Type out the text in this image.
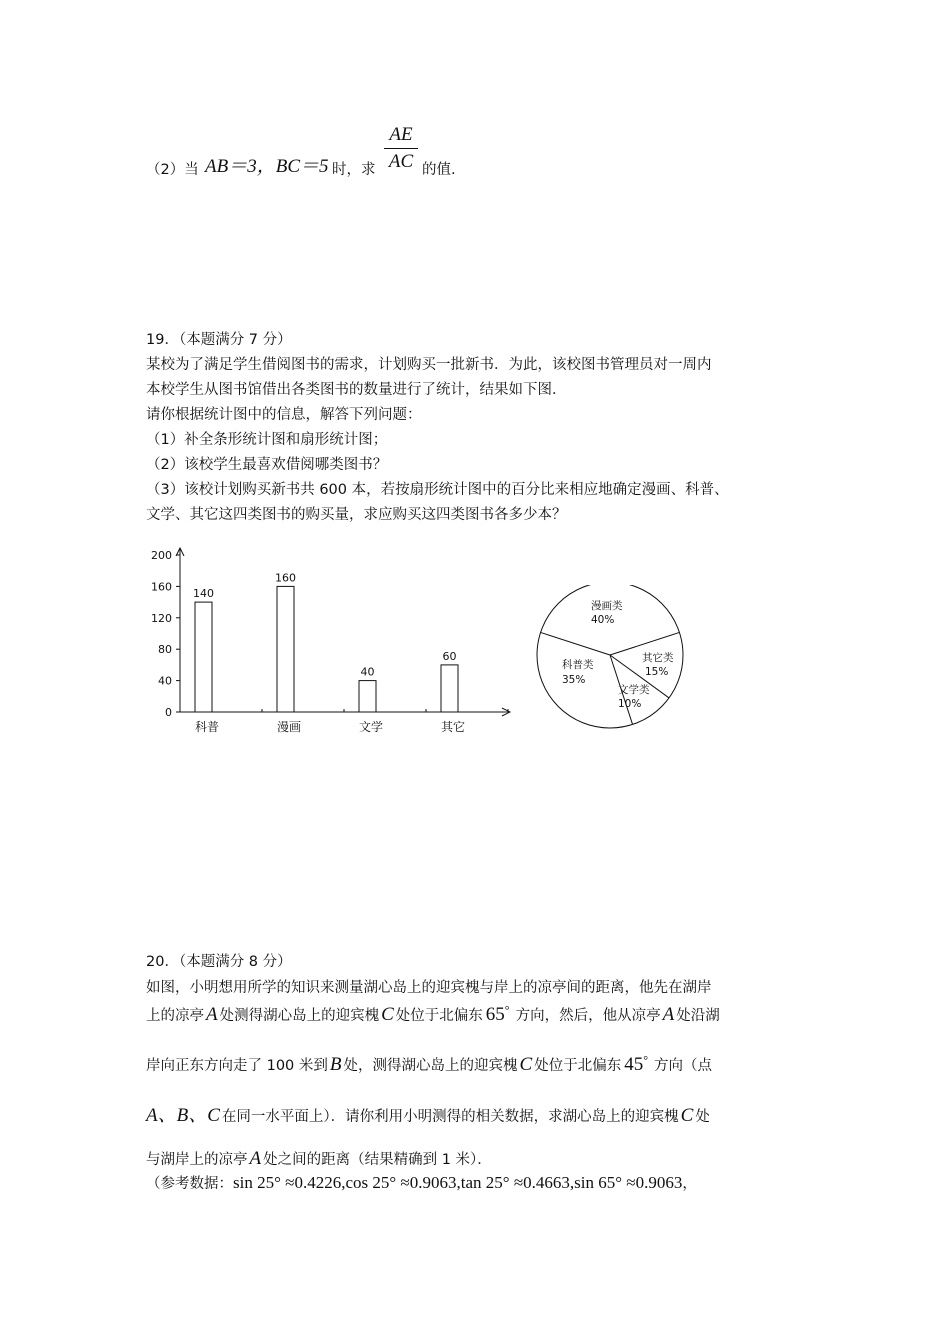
（2）当 AB＝3，BC＝5 时，求
AE
AC 的值.
19．（本题满分 7 分）
某校为了满足学生借阅图书的需求，计划购买一批新书．为此，该校图书管理员对一周内
本校学生从图书馆借出各类图书的数量进行了统计，结果如下图．
请你根据统计图中的信息，解答下列问题：
（1）补全条形统计图和扇形统计图；
（2）该校学生最喜欢借阅哪类图书？
（3）该校计划购买新书共 600 本，若按扇形统计图中的百分比来相应地确定漫画、科普、
文学、其它这四类图书的购买量，求应购买这四类图书各多少本？
0
40
80
120
160
200
140
科普
160
漫画
40
文学
60
其它
漫画类
40%
其它类
15%
文学类
10%
科普类
35%
20．（本题满分 8 分）
如图，小明想用所学的知识来测量湖心岛上的迎宾槐与岸上的凉亭间的距离，他先在湖岸
上的凉亭 A 处测得湖心岛上的迎宾槐 C 处位于北偏东 65° 方向，然后，他从凉亭 A 处沿湖
岸向正东方向走了 100 米到 B 处，测得湖心岛上的迎宾槐 C 处位于北偏东 45° 方向（点
A、B、C 在同一水平面上）．请你利用小明测得的相关数据，求湖心岛上的迎宾槐 C 处
与湖岸上的凉亭 A 处之间的距离（结果精确到 1 米）．
（参考数据：sin 25° ≈0.4226,cos 25° ≈0.9063,tan 25° ≈0.4663,sin 65° ≈0.9063，
